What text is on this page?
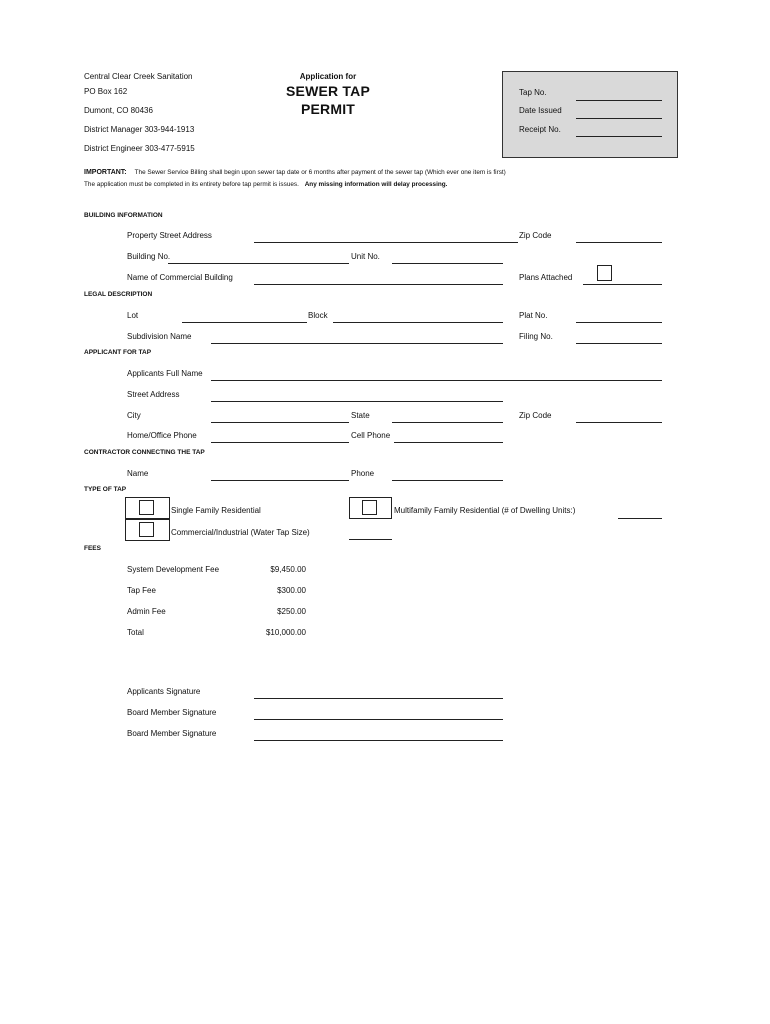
Central Clear Creek Sanitation
PO Box 162
Dumont, CO 80436
District Manager 303-944-1913
District Engineer 303-477-5915
Application for
SEWER TAP
PERMIT
Tap No.
Date Issued
Receipt No.
IMPORTANT: The Sewer Service Billing shall begin upon sewer tap date or 6 months after payment of the sewer tap (Which ever one item is first)
The application must be completed in its entirety before tap permit is issues. Any missing information will delay processing.
BUILDING INFORMATION
Property Street Address	Zip Code
Building No.	Unit No.
Name of Commercial Building	Plans Attached
LEGAL DESCRIPTION
Lot	Block	Plat No.
Subdivision Name	Filing No.
APPLICANT FOR TAP
Applicants Full Name
Street Address
City	State	Zip Code
Home/Office Phone	Cell Phone
CONTRACTOR CONNECTING THE TAP
Name	Phone
TYPE OF TAP
Single Family Residential	Multifamily Family Residential (# of Dwelling Units:)
Commercial/Industrial (Water Tap Size)
FEES
System Development Fee	$9,450.00
Tap Fee	$300.00
Admin Fee	$250.00
Total	$10,000.00
Applicants Signature
Board Member Signature
Board Member Signature
